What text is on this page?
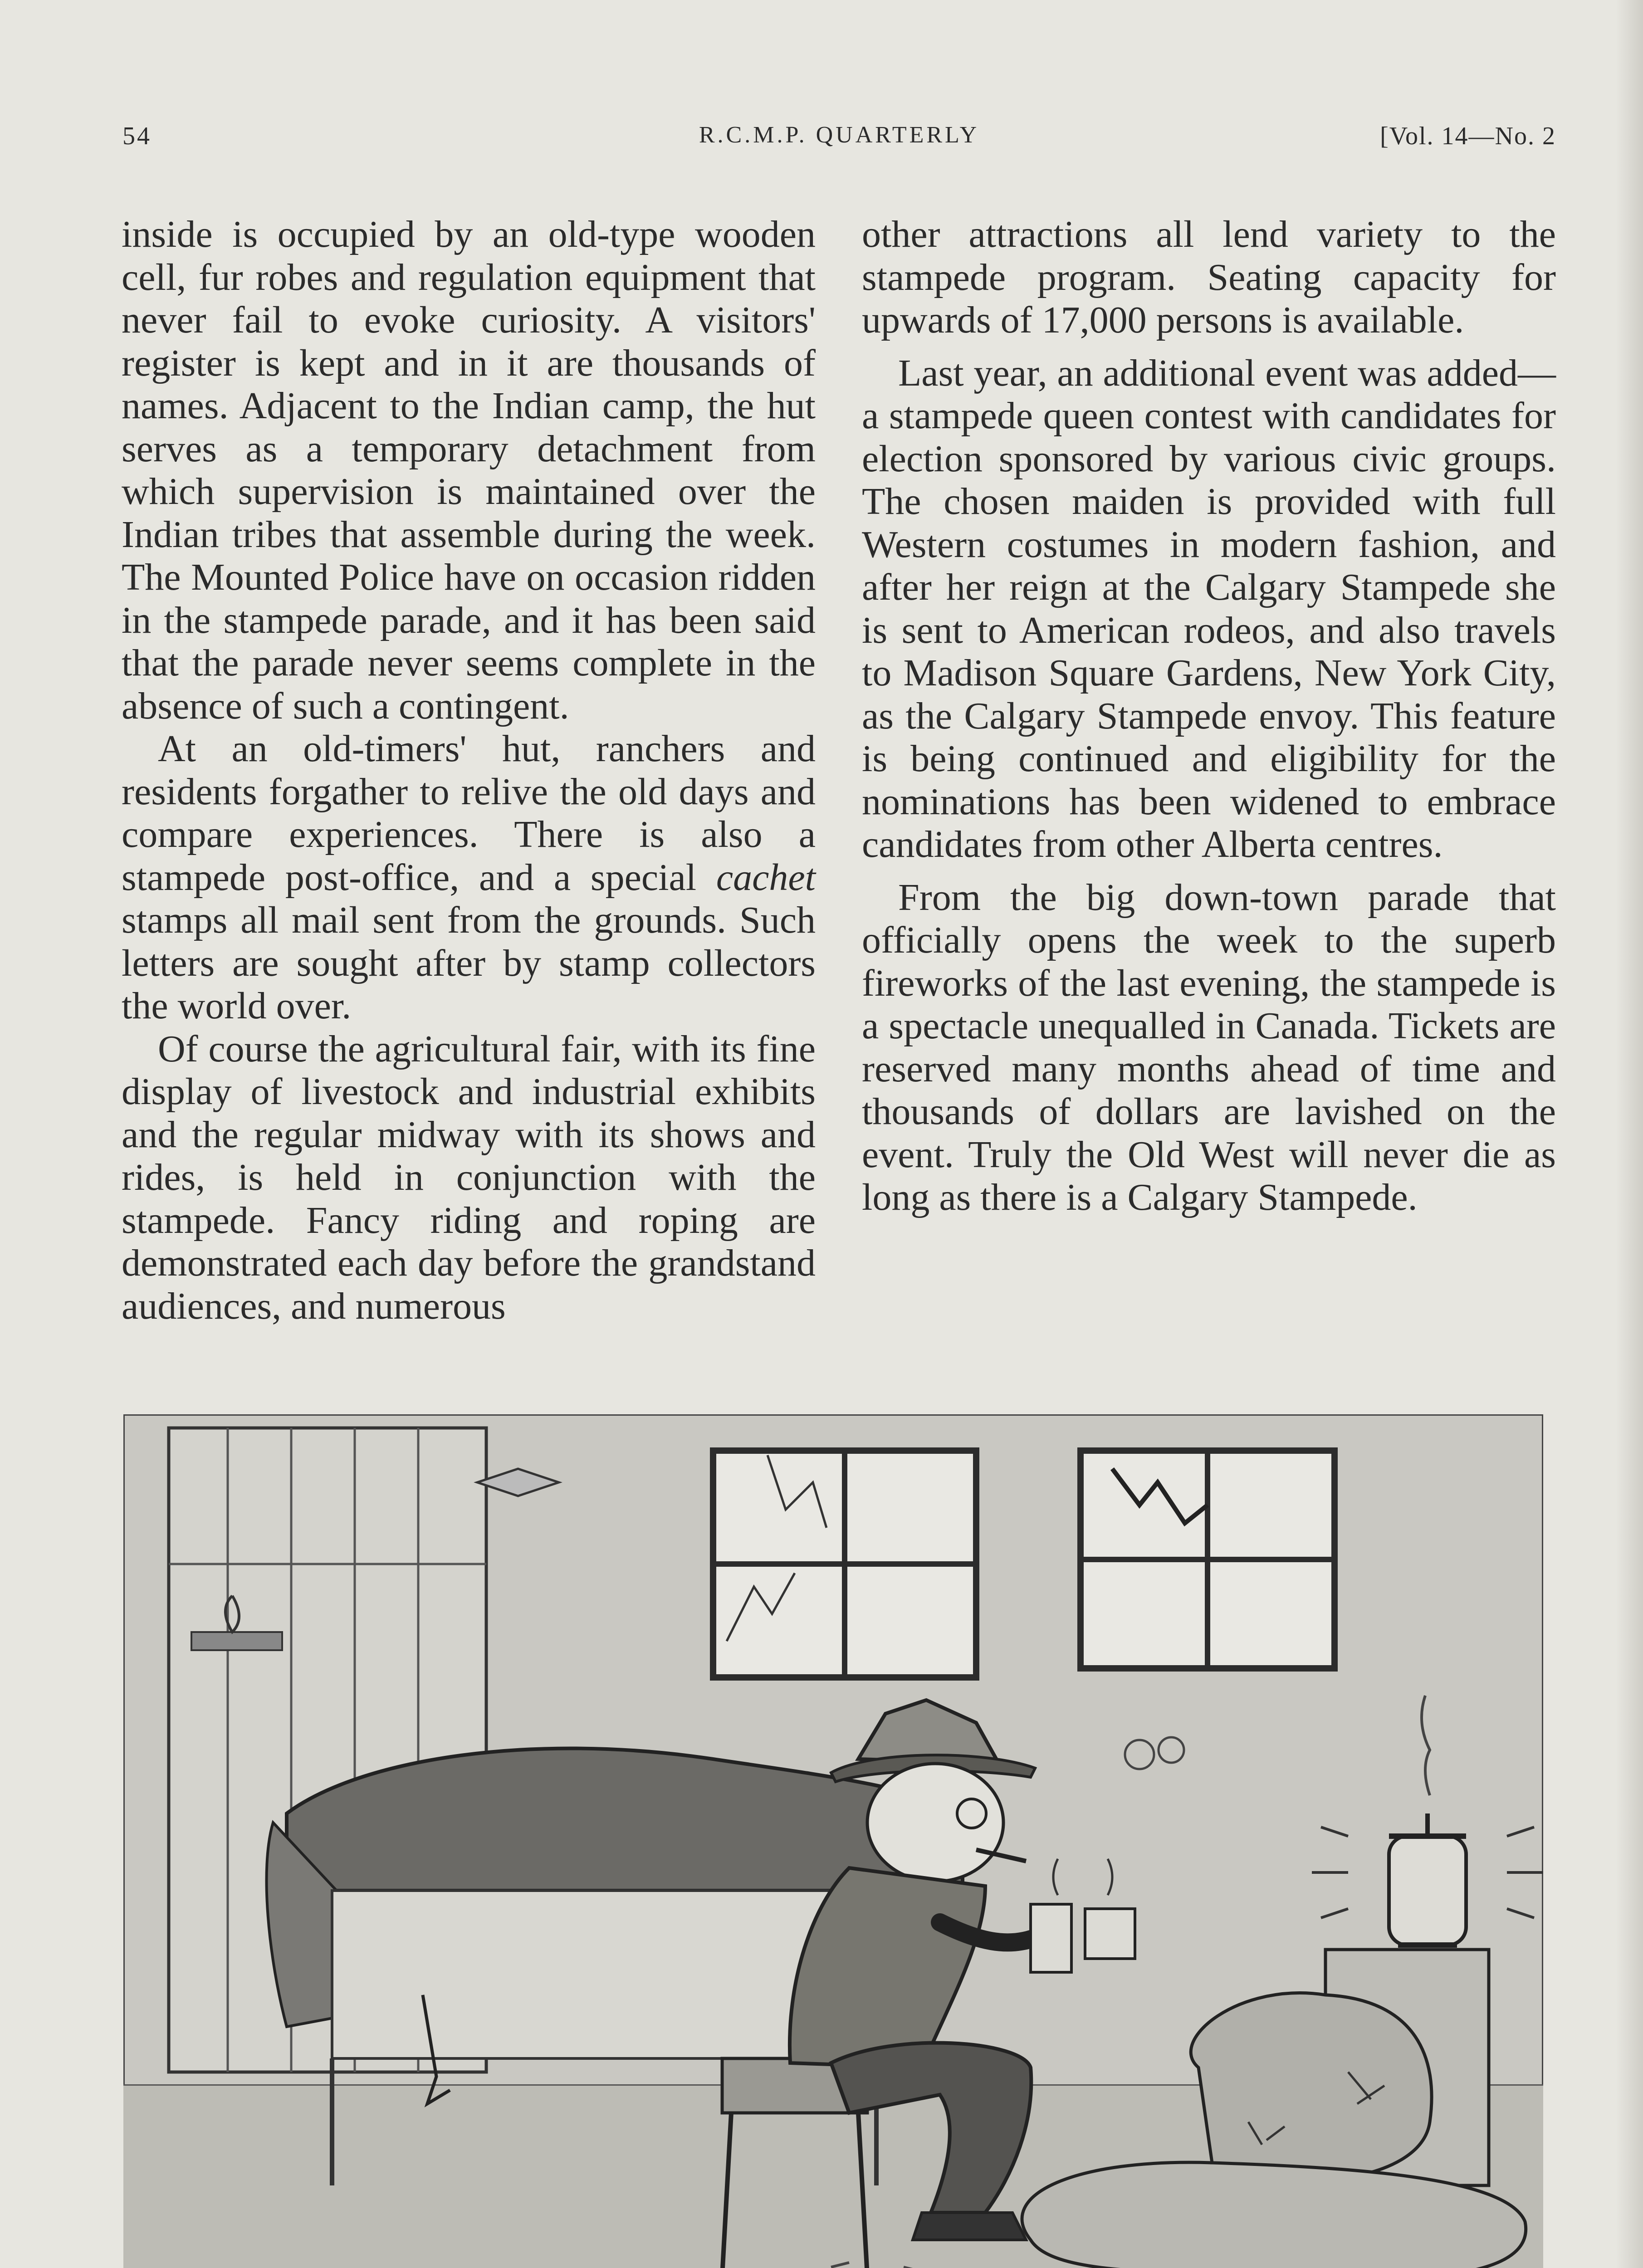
54	R.C.M.P. QUARTERLY	[Vol. 14—No. 2

inside is occupied by an old-type wooden cell, fur robes and regulation equipment that never fail to evoke curiosity. A visitors' register is kept and in it are thousands of names. Adjacent to the Indian camp, the hut serves as a temporary detachment from which supervision is maintained over the Indian tribes that assemble during the week. The Mounted Police have on occasion ridden in the stampede parade, and it has been said that the parade never seems complete in the absence of such a contingent.

At an old-timers' hut, ranchers and residents forgather to relive the old days and compare experiences. There is also a stampede post-office, and a special cachet stamps all mail sent from the grounds. Such letters are sought after by stamp collectors the world over.

Of course the agricultural fair, with its fine display of livestock and industrial exhibits and the regular midway with its shows and rides, is held in conjunction with the stampede. Fancy riding and roping are demonstrated each day before the grandstand audiences, and numerous

other attractions all lend variety to the stampede program. Seating capacity for upwards of 17,000 persons is available.

Last year, an additional event was added—a stampede queen contest with candidates for election sponsored by various civic groups. The chosen maiden is provided with full Western costumes in modern fashion, and after her reign at the Calgary Stampede she is sent to American rodeos, and also travels to Madison Square Gardens, New York City, as the Calgary Stampede envoy. This feature is being continued and eligibility for the nominations has been widened to embrace candidates from other Alberta centres.

From the big down-town parade that officially opens the week to the superb fireworks of the last evening, the stampede is a spectacle unequalled in Canada. Tickets are reserved many months ahead of time and thousands of dollars are lavished on the event. Truly the Old West will never die as long as there is a Calgary Stampede.
